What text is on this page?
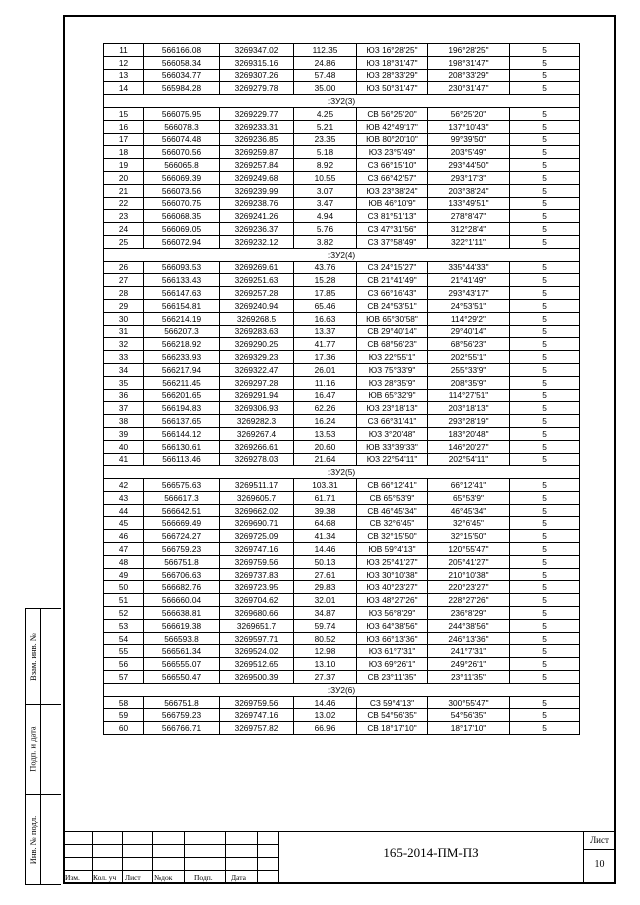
11	566166.08	3269347.02	112.35	ЮЗ 16°28'25"	196°28'25"	5
12	566058.34	3269315.16	24.86	ЮЗ 18°31'47"	198°31'47"	5
13	566034.77	3269307.26	57.48	ЮЗ 28°33'29"	208°33'29"	5
14	565984.28	3269279.78	35.00	ЮЗ 50°31'47"	230°31'47"	5
:ЗУ2(3)						
15	566075.95	3269229.77	4.25	СВ 56°25'20"	56°25'20"	5
16	566078.3	3269233.31	5.21	ЮВ 42°49'17"	137°10'43"	5
17	566074.48	3269236.85	23.35	ЮВ 80°20'10"	99°39'50"	5
18	566070.56	3269259.87	5.18	ЮЗ 23°5'49"	203°5'49"	5
19	566065.8	3269257.84	8.92	СЗ 66°15'10"	293°44'50"	5
20	566069.39	3269249.68	10.55	СЗ 66°42'57"	293°17'3"	5
21	566073.56	3269239.99	3.07	ЮЗ 23°38'24"	203°38'24"	5
22	566070.75	3269238.76	3.47	ЮВ 46°10'9"	133°49'51"	5
23	566068.35	3269241.26	4.94	СЗ 81°51'13"	278°8'47"	5
24	566069.05	3269236.37	5.76	СЗ 47°31'56"	312°28'4"	5
25	566072.94	3269232.12	3.82	СЗ 37°58'49"	322°1'11"	5
:ЗУ2(4)						
26	566093.53	3269269.61	43.76	СЗ 24°15'27"	335°44'33"	5
27	566133.43	3269251.63	15.28	СВ 21°41'49"	21°41'49"	5
28	566147.63	3269257.28	17.85	СЗ 66°16'43"	293°43'17"	5
29	566154.81	3269240.94	65.46	СВ 24°53'51"	24°53'51"	5
30	566214.19	3269268.5	16.63	ЮВ 65°30'58"	114°29'2"	5
31	566207.3	3269283.63	13.37	СВ 29°40'14"	29°40'14"	5
32	566218.92	3269290.25	41.77	СВ 68°56'23"	68°56'23"	5
33	566233.93	3269329.23	17.36	ЮЗ 22°55'1"	202°55'1"	5
34	566217.94	3269322.47	26.01	ЮЗ 75°33'9"	255°33'9"	5
35	566211.45	3269297.28	11.16	ЮЗ 28°35'9"	208°35'9"	5
36	566201.65	3269291.94	16.47	ЮВ 65°32'9"	114°27'51"	5
37	566194.83	3269306.93	62.26	ЮЗ 23°18'13"	203°18'13"	5
38	566137.65	3269282.3	16.24	СЗ 66°31'41"	293°28'19"	5
39	566144.12	3269267.4	13.53	ЮЗ 3°20'48"	183°20'48"	5
40	566130.61	3269266.61	20.60	ЮВ 33°39'33"	146°20'27"	5
41	566113.46	3269278.03	21.64	ЮЗ 22°54'11"	202°54'11"	5
:ЗУ2(5)						
42	566575.63	3269511.17	103.31	СВ 66°12'41"	66°12'41"	5
43	566617.3	3269605.7	61.71	СВ 65°53'9"	65°53'9"	5
44	566642.51	3269662.02	39.38	СВ 46°45'34"	46°45'34"	5
45	566669.49	3269690.71	64.68	СВ 32°6'45"	32°6'45"	5
46	566724.27	3269725.09	41.34	СВ 32°15'50"	32°15'50"	5
47	566759.23	3269747.16	14.46	ЮВ 59°4'13"	120°55'47"	5
48	566751.8	3269759.56	50.13	ЮЗ 25°41'27"	205°41'27"	5
49	566706.63	3269737.83	27.61	ЮЗ 30°10'38"	210°10'38"	5
50	566682.76	3269723.95	29.83	ЮЗ 40°23'27"	220°23'27"	5
51	566660.04	3269704.62	32.01	ЮЗ 48°27'26"	228°27'26"	5
52	566638.81	3269680.66	34.87	ЮЗ 56°8'29"	236°8'29"	5
53	566619.38	3269651.7	59.74	ЮЗ 64°38'56"	244°38'56"	5
54	566593.8	3269597.71	80.52	ЮЗ 66°13'36"	246°13'36"	5
55	566561.34	3269524.02	12.98	ЮЗ 61°7'31"	241°7'31"	5
56	566555.07	3269512.65	13.10	ЮЗ 69°26'1"	249°26'1"	5
57	566550.47	3269500.39	27.37	СВ 23°11'35"	23°11'35"	5
:ЗУ2(6)						
58	566751.8	3269759.56	14.46	СЗ 59°4'13"	300°55'47"	5
59	566759.23	3269747.16	13.02	СВ 54°56'35"	54°56'35"	5
60	566766.71	3269757.82	66.96	СВ 18°17'10"	18°17'10"	5
Взам. инв. №
Подп. и дата
Инв. № подл.
Изм. Кол. уч Лист №док	Подп. Дата
165-2014-ПМ-ПЗ
Лист
10
